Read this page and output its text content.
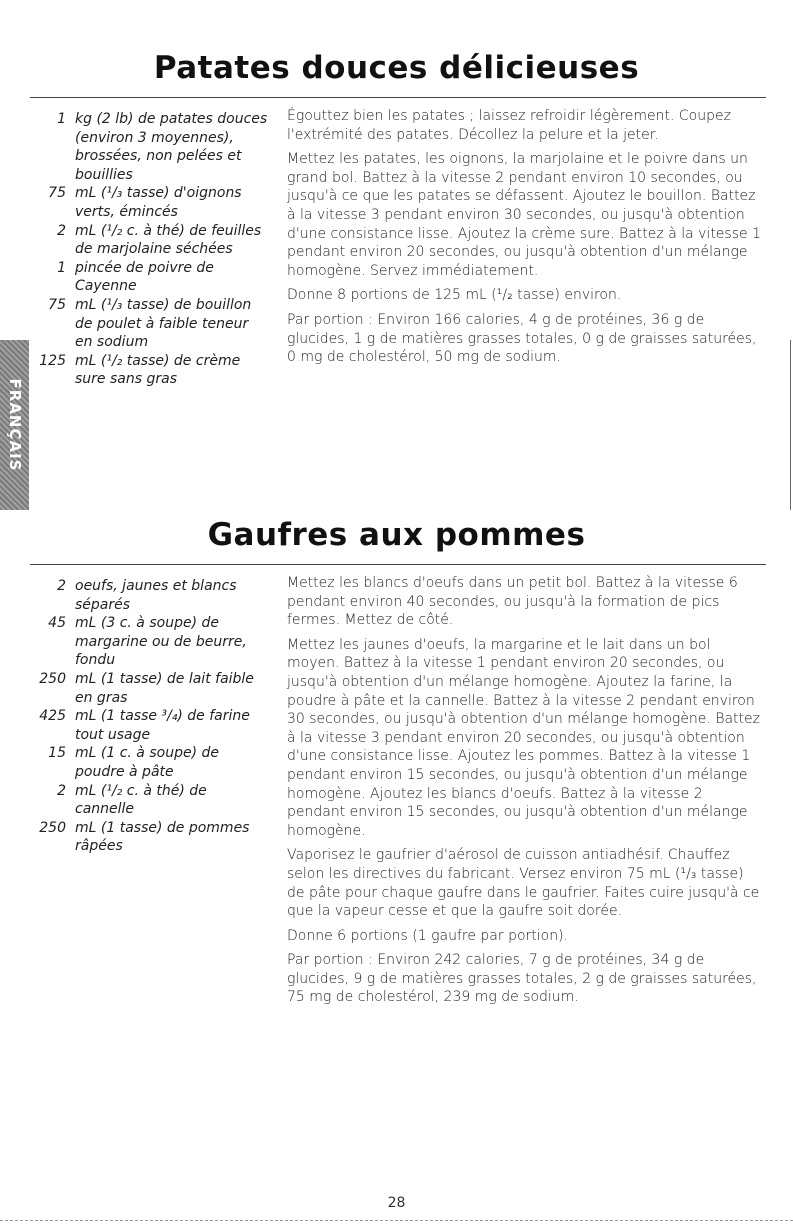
Patates douces délicieuses
1 kg (2 lb) de patates douces (environ 3 moyennes), brossées, non pelées et bouillies
75 mL (¹/₃ tasse) d'oignons verts, émincés
2 mL (¹/₂ c. à thé) de feuilles de marjolaine séchées
1 pincée de poivre de Cayenne
75 mL (¹/₃ tasse) de bouillon de poulet à faible teneur en sodium
125 mL (¹/₂ tasse) de crème sure sans gras

Égouttez bien les patates ; laissez refroidir légèrement. Coupez l'extrémité des patates. Décollez la pelure et la jeter.

Mettez les patates, les oignons, la marjolaine et le poivre dans un grand bol. Battez à la vitesse 2 pendant environ 10 secondes, ou jusqu'à ce que les patates se défassent. Ajoutez le bouillon. Battez à la vitesse 3 pendant environ 30 secondes, ou jusqu'à obtention d'une consistance lisse. Ajoutez la crème sure. Battez à la vitesse 1 pendant environ 20 secondes, ou jusqu'à obtention d'un mélange homogène. Servez immédiatement.

Donne 8 portions de 125 mL (¹/₂ tasse) environ.

Par portion : Environ 166 calories, 4 g de protéines, 36 g de glucides, 1 g de matières grasses totales, 0 g de graisses saturées, 0 mg de cholestérol, 50 mg de sodium.

FRANÇAIS
Gaufres aux pommes
2 oeufs, jaunes et blancs séparés
45 mL (3 c. à soupe) de margarine ou de beurre, fondu
250 mL (1 tasse) de lait faible en gras
425 mL (1 tasse ³/₄) de farine tout usage
15 mL (1 c. à soupe) de poudre à pâte
2 mL (¹/₂ c. à thé) de cannelle
250 mL (1 tasse) de pommes râpées

Mettez les blancs d'oeufs dans un petit bol. Battez à la vitesse 6 pendant environ 40 secondes, ou jusqu'à la formation de pics fermes. Mettez de côté.

Mettez les jaunes d'oeufs, la margarine et le lait dans un bol moyen. Battez à la vitesse 1 pendant environ 20 secondes, ou jusqu'à obtention d'un mélange homogène. Ajoutez la farine, la poudre à pâte et la cannelle. Battez à la vitesse 2 pendant environ 30 secondes, ou jusqu'à obtention d'un mélange homogène. Battez à la vitesse 3 pendant environ 20 secondes, ou jusqu'à obtention d'une consistance lisse. Ajoutez les pommes. Battez à la vitesse 1 pendant environ 15 secondes, ou jusqu'à obtention d'un mélange homogène. Ajoutez les blancs d'oeufs. Battez à la vitesse 2 pendant environ 15 secondes, ou jusqu'à obtention d'un mélange homogène.

Vaporisez le gaufrier d'aérosol de cuisson antiadhésif. Chauffez selon les directives du fabricant. Versez environ 75 mL (¹/₃ tasse) de pâte pour chaque gaufre dans le gaufrier. Faites cuire jusqu'à ce que la vapeur cesse et que la gaufre soit dorée.

Donne 6 portions (1 gaufre par portion).

Par portion : Environ 242 calories, 7 g de protéines, 34 g de glucides, 9 g de matières grasses totales, 2 g de graisses saturées, 75 mg de cholestérol, 239 mg de sodium.

28
